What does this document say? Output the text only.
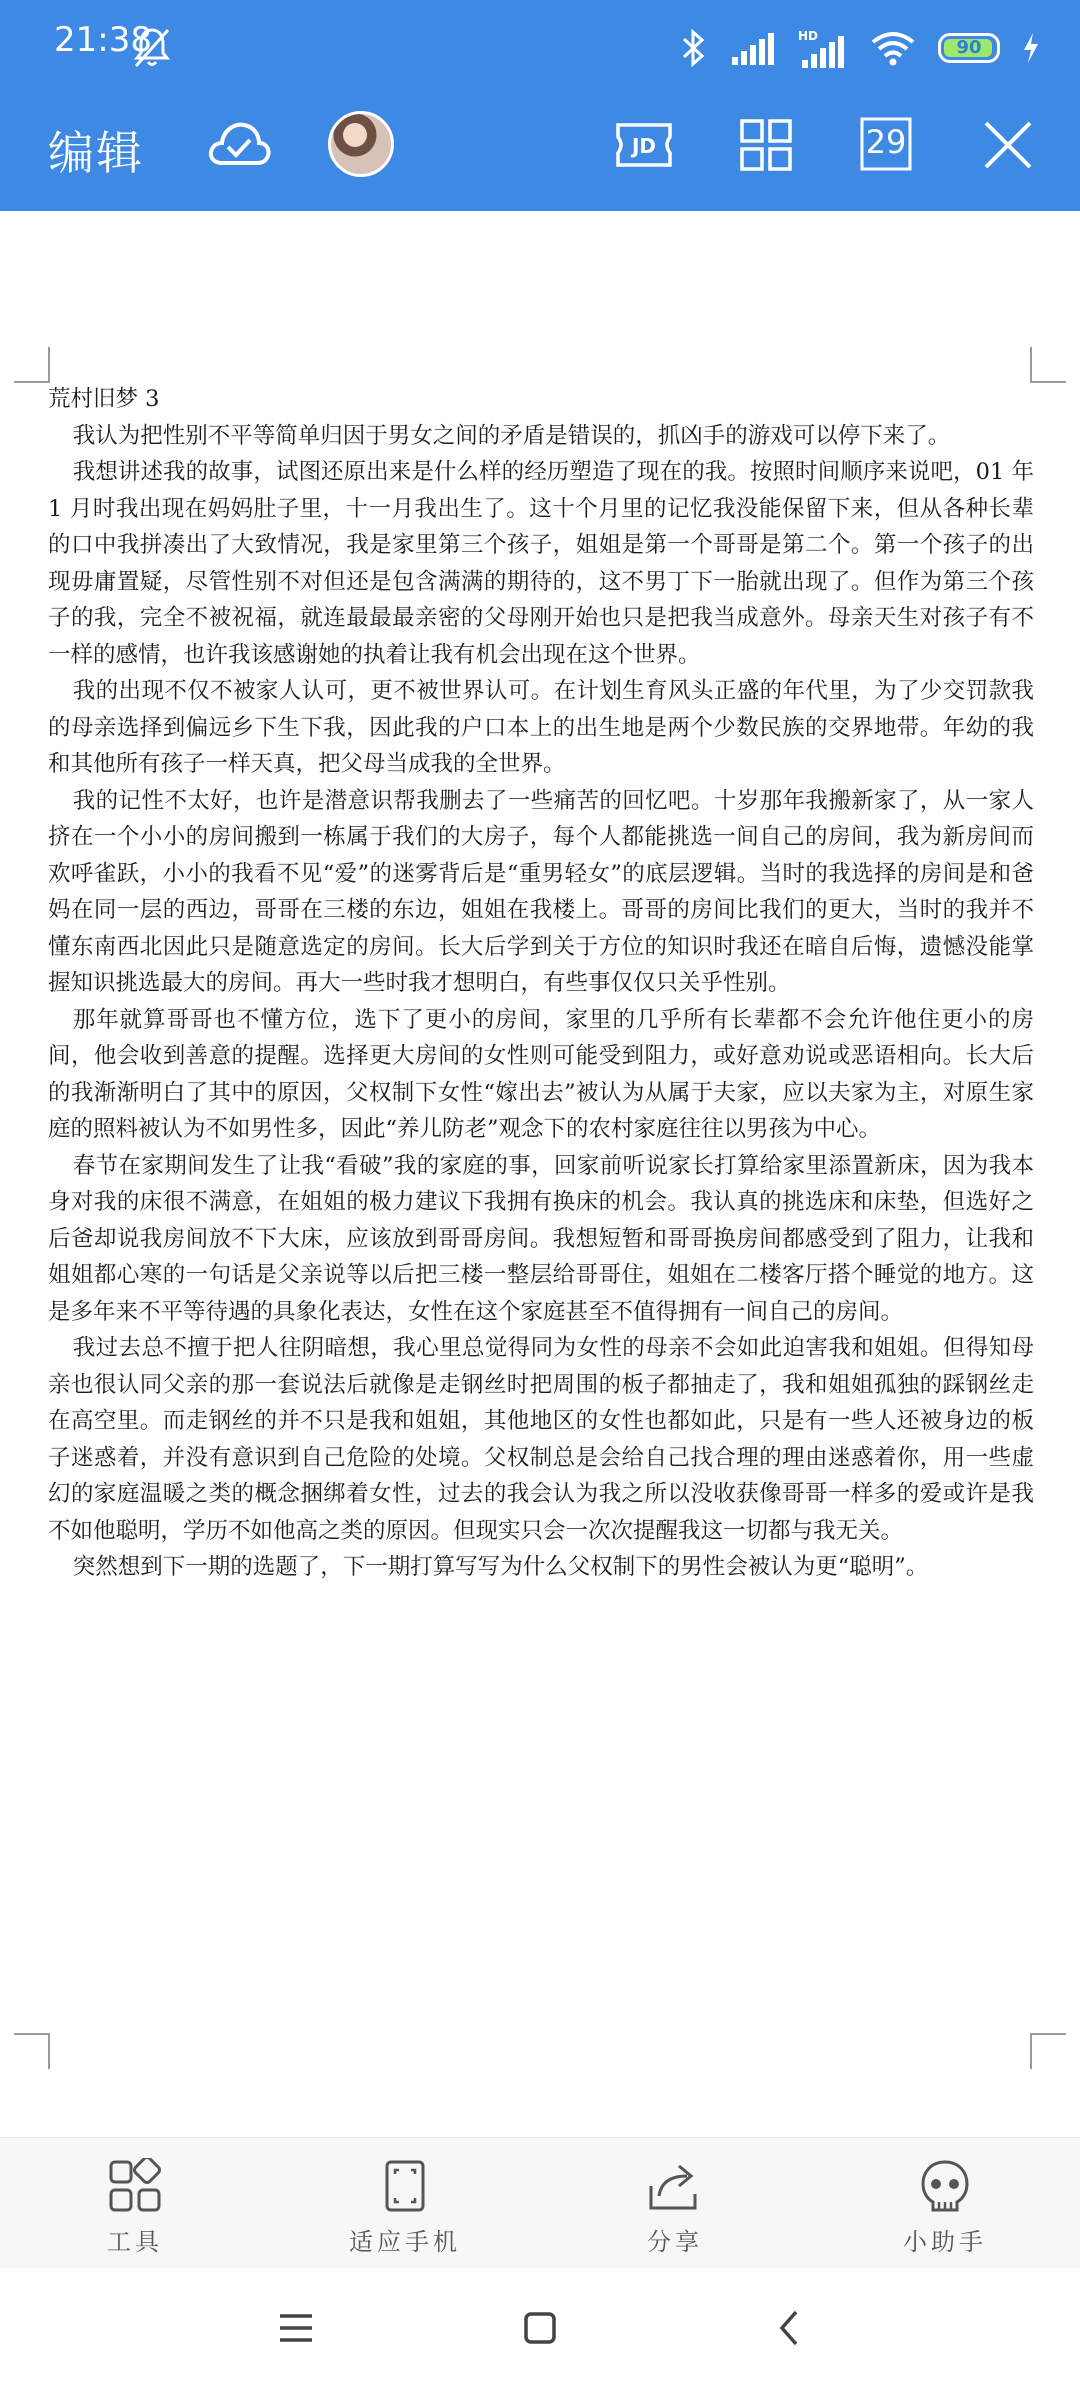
21:38	HD
90
编辑	JD	29

荒村旧梦 3

我认为把性别不平等简单归因于男女之间的矛盾是错误的，抓凶手的游戏可以停下来了。

我想讲述我的故事，试图还原出来是什么样的经历塑造了现在的我。按照时间顺序来说吧，01 年 1 月时我出现在妈妈肚子里，十一月我出生了。这十个月里的记忆我没能保留下来，但从各种长辈的口中我拼凑出了大致情况，我是家里第三个孩子，姐姐是第一个哥哥是第二个。第一个孩子的出现毋庸置疑，尽管性别不对但还是包含满满的期待的，这不男丁下一胎就出现了。但作为第三个孩子的我，完全不被祝福，就连最最最亲密的父母刚开始也只是把我当成意外。母亲天生对孩子有不一样的感情，也许我该感谢她的执着让我有机会出现在这个世界。

我的出现不仅不被家人认可，更不被世界认可。在计划生育风头正盛的年代里，为了少交罚款我的母亲选择到偏远乡下生下我，因此我的户口本上的出生地是两个少数民族的交界地带。年幼的我和其他所有孩子一样天真，把父母当成我的全世界。

我的记性不太好，也许是潜意识帮我删去了一些痛苦的回忆吧。十岁那年我搬新家了，从一家人挤在一个小小的房间搬到一栋属于我们的大房子，每个人都能挑选一间自己的房间，我为新房间而欢呼雀跃，小小的我看不见“爱”的迷雾背后是“重男轻女”的底层逻辑。当时的我选择的房间是和爸妈在同一层的西边，哥哥在三楼的东边，姐姐在我楼上。哥哥的房间比我们的更大，当时的我并不懂东南西北因此只是随意选定的房间。长大后学到关于方位的知识时我还在暗自后悔，遗憾没能掌握知识挑选最大的房间。再大一些时我才想明白，有些事仅仅只关乎性别。

那年就算哥哥也不懂方位，选下了更小的房间，家里的几乎所有长辈都不会允许他住更小的房间，他会收到善意的提醒。选择更大房间的女性则可能受到阻力，或好意劝说或恶语相向。长大后的我渐渐明白了其中的原因，父权制下女性“嫁出去”被认为从属于夫家，应以夫家为主，对原生家庭的照料被认为不如男性多，因此“养儿防老”观念下的农村家庭往往以男孩为中心。

春节在家期间发生了让我“看破”我的家庭的事，回家前听说家长打算给家里添置新床，因为我本身对我的床很不满意，在姐姐的极力建议下我拥有换床的机会。我认真的挑选床和床垫，但选好之后爸却说我房间放不下大床，应该放到哥哥房间。我想短暂和哥哥换房间都感受到了阻力，让我和姐姐都心寒的一句话是父亲说等以后把三楼一整层给哥哥住，姐姐在二楼客厅搭个睡觉的地方。这是多年来不平等待遇的具象化表达，女性在这个家庭甚至不值得拥有一间自己的房间。

我过去总不擅于把人往阴暗想，我心里总觉得同为女性的母亲不会如此迫害我和姐姐。但得知母亲也很认同父亲的那一套说法后就像是走钢丝时把周围的板子都抽走了，我和姐姐孤独的踩钢丝走在高空里。而走钢丝的并不只是我和姐姐，其他地区的女性也都如此，只是有一些人还被身边的板子迷惑着，并没有意识到自己危险的处境。父权制总是会给自己找合理的理由迷惑着你，用一些虚幻的家庭温暖之类的概念捆绑着女性，过去的我会认为我之所以没收获像哥哥一样多的爱或许是我不如他聪明，学历不如他高之类的原因。但现实只会一次次提醒我这一切都与我无关。

突然想到下一期的选题了，下一期打算写写为什么父权制下的男性会被认为更“聪明”。

工具	适应手机	分享	小助手
